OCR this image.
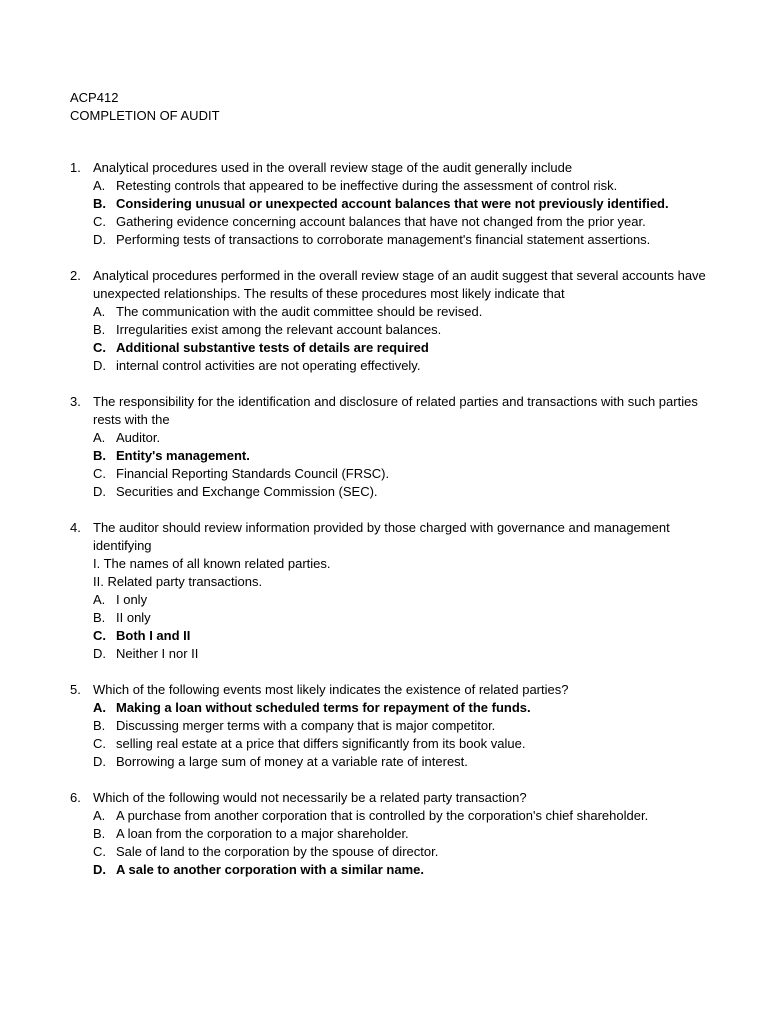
ACP412
COMPLETION OF AUDIT
1. Analytical procedures used in the overall review stage of the audit generally include
A. Retesting controls that appeared to be ineffective during the assessment of control risk.
B. Considering unusual or unexpected account balances that were not previously identified.
C. Gathering evidence concerning account balances that have not changed from the prior year.
D. Performing tests of transactions to corroborate management's financial statement assertions.
2. Analytical procedures performed in the overall review stage of an audit suggest that several accounts have unexpected relationships. The results of these procedures most likely indicate that
A. The communication with the audit committee should be revised.
B. Irregularities exist among the relevant account balances.
C. Additional substantive tests of details are required
D. internal control activities are not operating effectively.
3. The responsibility for the identification and disclosure of related parties and transactions with such parties rests with the
A. Auditor.
B. Entity's management.
C. Financial Reporting Standards Council (FRSC).
D. Securities and Exchange Commission (SEC).
4. The auditor should review information provided by those charged with governance and management identifying
I. The names of all known related parties.
II. Related party transactions.
A. I only
B. II only
C. Both I and II
D. Neither I nor II
5. Which of the following events most likely indicates the existence of related parties?
A. Making a loan without scheduled terms for repayment of the funds.
B. Discussing merger terms with a company that is major competitor.
C. selling real estate at a price that differs significantly from its book value.
D. Borrowing a large sum of money at a variable rate of interest.
6. Which of the following would not necessarily be a related party transaction?
A. A purchase from another corporation that is controlled by the corporation's chief shareholder.
B. A loan from the corporation to a major shareholder.
C. Sale of land to the corporation by the spouse of director.
D. A sale to another corporation with a similar name.
